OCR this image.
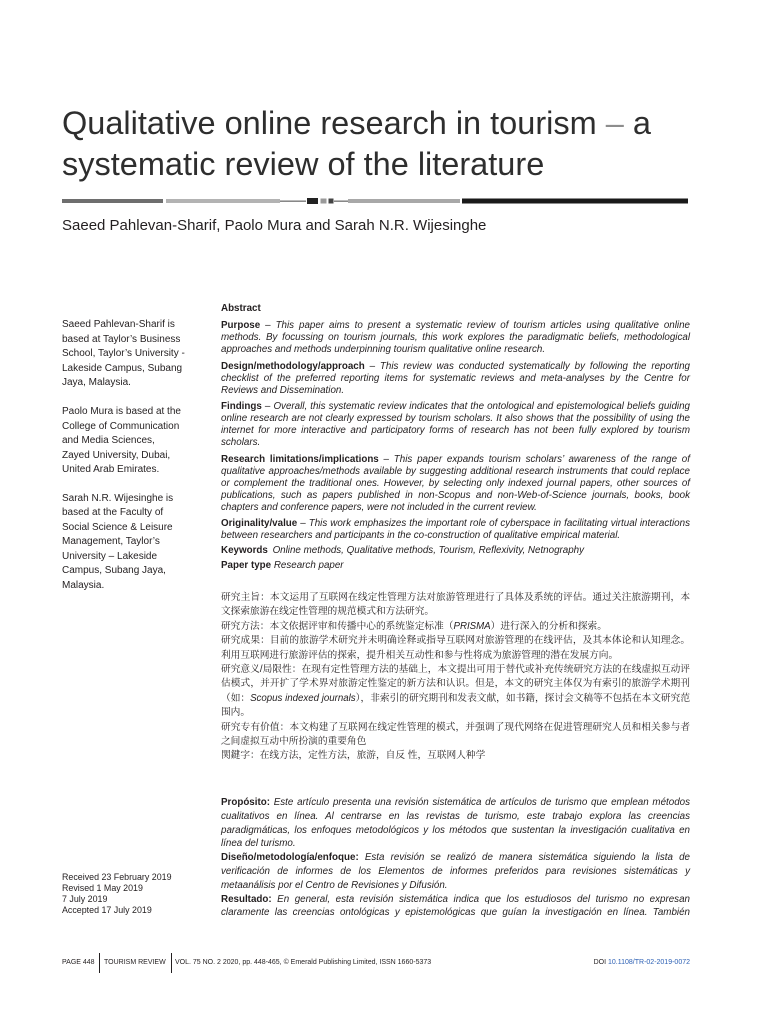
Qualitative online research in tourism – a
systematic review of the literature
Saeed Pahlevan-Sharif, Paolo Mura and Sarah N.R. Wijesinghe

Saeed Pahlevan-Sharif is
based at Taylor’s Business
School, Taylor’s University -
Lakeside Campus, Subang
Jaya, Malaysia.

Paolo Mura is based at the
College of Communication
and Media Sciences,
Zayed University, Dubai,
United Arab Emirates.

Sarah N.R. Wijesinghe is
based at the Faculty of
Social Science & Leisure
Management, Taylor’s
University – Lakeside
Campus, Subang Jaya,
Malaysia.

Received 23 February 2019
Revised 1 May 2019
7 July 2019
Accepted 17 July 2019
Abstract

Purpose – This paper aims to present a systematic review of tourism articles using qualitative online methods. By focussing on tourism journals, this work explores the paradigmatic beliefs, methodological approaches and methods underpinning tourism qualitative online research.

Design/methodology/approach – This review was conducted systematically by following the reporting checklist of the preferred reporting items for systematic reviews and meta-analyses by the Centre for Reviews and Dissemination.

Findings – Overall, this systematic review indicates that the ontological and epistemological beliefs guiding online research are not clearly expressed by tourism scholars. It also shows that the possibility of using the internet for more interactive and participatory forms of research has not been fully explored by tourism scholars.

Research limitations/implications – This paper expands tourism scholars’ awareness of the range of qualitative approaches/methods available by suggesting additional research instruments that could replace or complement the traditional ones. However, by selecting only indexed journal papers, other sources of publications, such as papers published in non-Scopus and non-Web-of-Science journals, books, book chapters and conference papers, were not included in the current review.

Originality/value – This work emphasizes the important role of cyberspace in facilitating virtual interactions between researchers and participants in the co-construction of qualitative empirical material.

Keywords Online methods, Qualitative methods, Tourism, Reflexivity, Netnography

Paper type Research paper

研究主旨：本文运用了互联网在线定性管理方法对旅游管理进行了具体及系统的评估。通过关注旅游期刊，本文探索旅游在线定性管理的规范模式和方法研究。

研究方法：本文依据评审和传播中心的系统鉴定标准（PRISMA）进行深入的分析和探索。

研究成果：目前的旅游学术研究并未明确诠释或指导互联网对旅游管理的在线评估，及其本体论和认知理念。利用互联网进行旅游评估的探索，提升相关互动性和参与性将成为旅游管理的潜在发展方向。

研究意义/局限性：在现有定性管理方法的基础上，本文提出可用于替代或补充传统研究方法的在线虚拟互动评估模式，并开扩了学术界对旅游定性鉴定的新方法和认识。但是，本文的研究主体仅为有索引的旅游学术期刊（如：Scopus indexed journals），非索引的研究期刊和发表文献，如书籍，探讨会文稿等不包括在本文研究范围内。

研究专有价值：本文构建了互联网在线定性管理的模式，并强调了现代网络在促进管理研究人员和相关参与者之间虚拟互动中所扮演的重要角色

関鍵字：在线方法，定性方法，旅游，自反 性，互联网人种学

Propósito: Este artículo presenta una revisión sistemática de artículos de turismo que emplean métodos cualitativos en línea. Al centrarse en las revistas de turismo, este trabajo explora las creencias paradigmáticas, los enfoques metodológicos y los métodos que sustentan la investigación cualitativa en línea del turismo.

Diseño/metodología/enfoque: Esta revisión se realizó de manera sistemática siguiendo la lista de verificación de informes de los Elementos de informes preferidos para revisiones sistemáticas y metaanálisis por el Centro de Revisiones y Difusión.

Resultado: En general, esta revisión sistemática indica que los estudiosos del turismo no expresan claramente las creencias ontológicas y epistemológicas que guían la investigación en línea. También

PAGE 448 TOURISM REVIEW VOL. 75 NO. 2 2020, pp. 448-465, © Emerald Publishing Limited, ISSN 1660-5373	DOI 10.1108/TR-02-2019-0072
